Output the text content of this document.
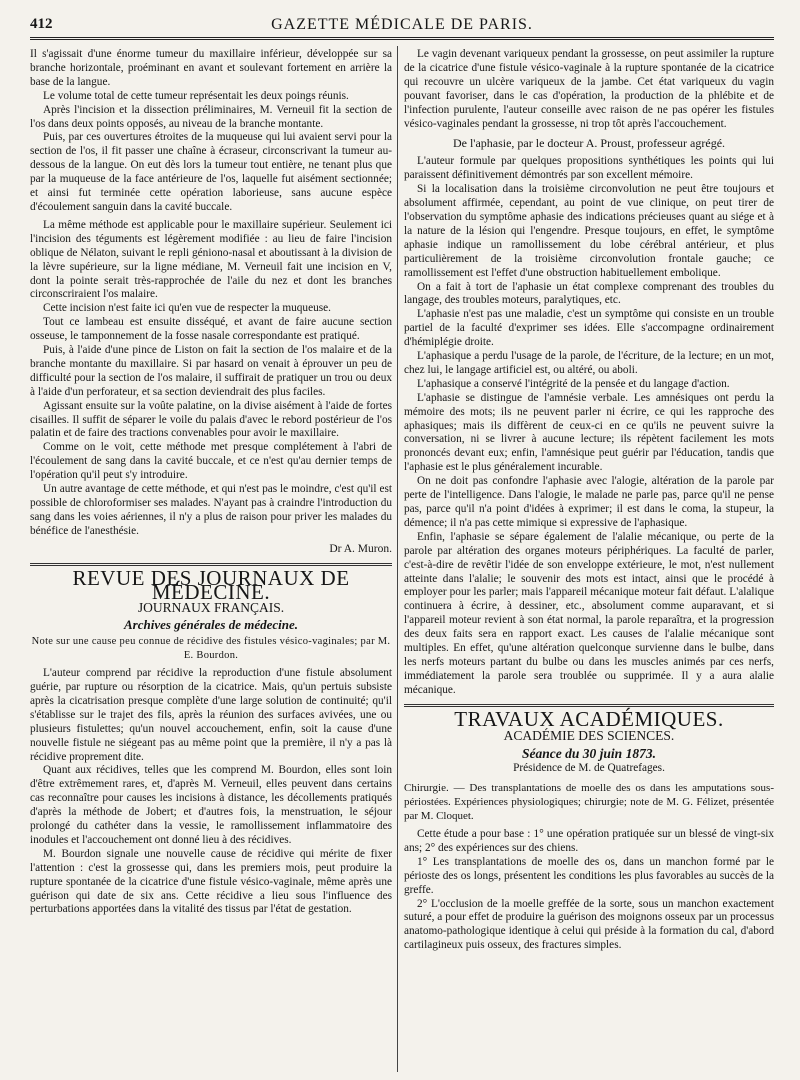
412	GAZETTE MÉDICALE DE PARIS.

Il s'agissait d'une énorme tumeur du maxillaire inférieur, développée sur sa branche horizontale, proéminant en avant et soulevant fortement en arrière la base de la langue.

Le volume total de cette tumeur représentait les deux poings réunis.

Après l'incision et la dissection préliminaires, M. Verneuil fit la section de l'os dans deux points opposés, au niveau de la branche montante.

Puis, par ces ouvertures étroites de la muqueuse qui lui avaient servi pour la section de l'os, il fit passer une chaîne à écraseur, circonscrivant la tumeur au-dessous de la langue. On eut dès lors la tumeur tout entière, ne tenant plus que par la muqueuse de la face antérieure de l'os, laquelle fut aisément sectionnée; et ainsi fut terminée cette opération laborieuse, sans aucune espèce d'écoulement sanguin dans la cavité buccale.

La même méthode est applicable pour le maxillaire supérieur. Seulement ici l'incision des téguments est légèrement modifiée : au lieu de faire l'incision oblique de Nélaton, suivant le repli géniono-nasal et aboutissant à la division de la lèvre supérieure, sur la ligne médiane, M. Verneuil fait une incision en V, dont la pointe serait très-rapprochée de l'aile du nez et dont les branches circonscriraient l'os malaire.

Cette incision n'est faite ici qu'en vue de respecter la muqueuse.

Tout ce lambeau est ensuite disséqué, et avant de faire aucune section osseuse, le tamponnement de la fosse nasale correspondante est pratiqué.

Puis, à l'aide d'une pince de Liston on fait la section de l'os malaire et de la branche montante du maxillaire. Si par hasard on venait à éprouver un peu de difficulté pour la section de l'os malaire, il suffirait de pratiquer un trou ou deux à l'aide d'un perforateur, et sa section deviendrait des plus faciles.

Agissant ensuite sur la voûte palatine, on la divise aisément à l'aide de fortes cisailles. Il suffit de séparer le voile du palais d'avec le rebord postérieur de l'os palatin et de faire des tractions convenables pour avoir le maxillaire.

Comme on le voit, cette méthode met presque complétement à l'abri de l'écoulement de sang dans la cavité buccale, et ce n'est qu'au dernier temps de l'opération qu'il peut s'y introduire.

Un autre avantage de cette méthode, et qui n'est pas le moindre, c'est qu'il est possible de chloroformiser ses malades. N'ayant pas à craindre l'introduction du sang dans les voies aériennes, il n'y a plus de raison pour priver les malades du bénéfice de l'anesthésie.

Dr A. Muron.
REVUE DES JOURNAUX DE MÉDECINE.
JOURNAUX FRANÇAIS.
Archives générales de médecine.
Note sur une cause peu connue de récidive des fistules vésico-vaginales; par M. E. Bourdon.

L'auteur comprend par récidive la reproduction d'une fistule absolument guérie, par rupture ou résorption de la cicatrice. Mais, qu'un pertuis subsiste après la cicatrisation presque complète d'une large solution de continuité; qu'il s'établisse sur le trajet des fils, après la réunion des surfaces avivées, une ou plusieurs fistulettes; qu'un nouvel accouchement, enfin, soit la cause d'une nouvelle fistule ne siégeant pas au même point que la première, il n'y a pas là récidive proprement dite.

Quant aux récidives, telles que les comprend M. Bourdon, elles sont loin d'être extrêmement rares, et, d'après M. Verneuil, elles peuvent dans certains cas reconnaître pour causes les incisions à distance, les décollements pratiqués d'après la méthode de Jobert; et d'autres fois, la menstruation, le séjour prolongé du cathéter dans la vessie, le ramollissement inflammatoire des inodules et l'accouchement ont donné lieu à des récidives.

M. Bourdon signale une nouvelle cause de récidive qui mérite de fixer l'attention : c'est la grossesse qui, dans les premiers mois, peut produire la rupture spontanée de la cicatrice d'une fistule vésico-vaginale, même après une guérison qui date de six ans. Cette récidive a lieu sous l'influence des perturbations apportées dans la vitalité des tissus par l'état de gestation.

Le vagin devenant variqueux pendant la grossesse, on peut assimiler la rupture de la cicatrice d'une fistule vésico-vaginale à la rupture spontanée de la cicatrice qui recouvre un ulcère variqueux de la jambe. Cet état variqueux du vagin pouvant favoriser, dans le cas d'opération, la production de la phlébite et de l'infection purulente, l'auteur conseille avec raison de ne pas opérer les fistules vésico-vaginales pendant la grossesse, ni trop tôt après l'accouchement.

De l'aphasie, par le docteur A. Proust, professeur agrégé.

L'auteur formule par quelques propositions synthétiques les points qui lui paraissent définitivement démontrés par son excellent mémoire.

Si la localisation dans la troisième circonvolution ne peut être toujours et absolument affirmée, cependant, au point de vue clinique, on peut tirer de l'observation du symptôme aphasie des indications précieuses quant au siége et à la nature de la lésion qui l'engendre. Presque toujours, en effet, le symptôme aphasie indique un ramollissement du lobe cérébral antérieur, et plus particulièrement de la troisième circonvolution frontale gauche; ce ramollissement est l'effet d'une obstruction habituellement embolique.

On a fait à tort de l'aphasie un état complexe comprenant des troubles du langage, des troubles moteurs, paralytiques, etc.

L'aphasie n'est pas une maladie, c'est un symptôme qui consiste en un trouble partiel de la faculté d'exprimer ses idées. Elle s'accompagne ordinairement d'hémiplégie droite.

L'aphasique a perdu l'usage de la parole, de l'écriture, de la lecture; en un mot, chez lui, le langage artificiel est, ou altéré, ou aboli.

L'aphasique a conservé l'intégrité de la pensée et du langage d'action.

L'aphasie se distingue de l'amnésie verbale. Les amnésiques ont perdu la mémoire des mots; ils ne peuvent parler ni écrire, ce qui les rapproche des aphasiques; mais ils diffèrent de ceux-ci en ce qu'ils ne peuvent suivre la conversation, ni se livrer à aucune lecture; ils répètent facilement les mots prononcés devant eux; enfin, l'amnésique peut guérir par l'éducation, tandis que l'aphasie est le plus généralement incurable.

On ne doit pas confondre l'aphasie avec l'alogie, altération de la parole par perte de l'intelligence. Dans l'alogie, le malade ne parle pas, parce qu'il ne pense pas, parce qu'il n'a point d'idées à exprimer; il est dans le coma, la stupeur, la démence; il n'a pas cette mimique si expressive de l'aphasique.

Enfin, l'aphasie se sépare également de l'alalie mécanique, ou perte de la parole par altération des organes moteurs périphériques. La faculté de parler, c'est-à-dire de revêtir l'idée de son enveloppe extérieure, le mot, n'est nullement atteinte dans l'alalie; le souvenir des mots est intact, ainsi que le procédé à employer pour les parler; mais l'appareil mécanique moteur fait défaut. L'alalique continuera à écrire, à dessiner, etc., absolument comme auparavant, et si l'appareil moteur revient à son état normal, la parole reparaîtra, et la progression des deux faits sera en rapport exact. Les causes de l'alalie mécanique sont multiples. En effet, qu'une altération quelconque survienne dans le bulbe, dans les nerfs moteurs partant du bulbe ou dans les muscles animés par ces nerfs, immédiatement la parole sera troublée ou supprimée. Il y a aura alalie mécanique.

TRAVAUX ACADÉMIQUES.
ACADÉMIE DES SCIENCES.
Séance du 30 juin 1873.
Présidence de M. de Quatrefages.

Chirurgie. — Des transplantations de moelle des os dans les amputations sous-périostées. Expériences physiologiques; chirurgie; note de M. G. Félizet, présentée par M. Cloquet.

Cette étude a pour base : 1° une opération pratiquée sur un blessé de vingt-six ans; 2° des expériences sur des chiens.

1° Les transplantations de moelle des os, dans un manchon formé par le périoste des os longs, présentent les conditions les plus favorables au succès de la greffe.

2° L'occlusion de la moelle greffée de la sorte, sous un manchon exactement suturé, a pour effet de produire la guérison des moignons osseux par un processus anatomo-pathologique identique à celui qui préside à la formation du cal, d'abord cartilagineux puis osseux, des fractures simples.
